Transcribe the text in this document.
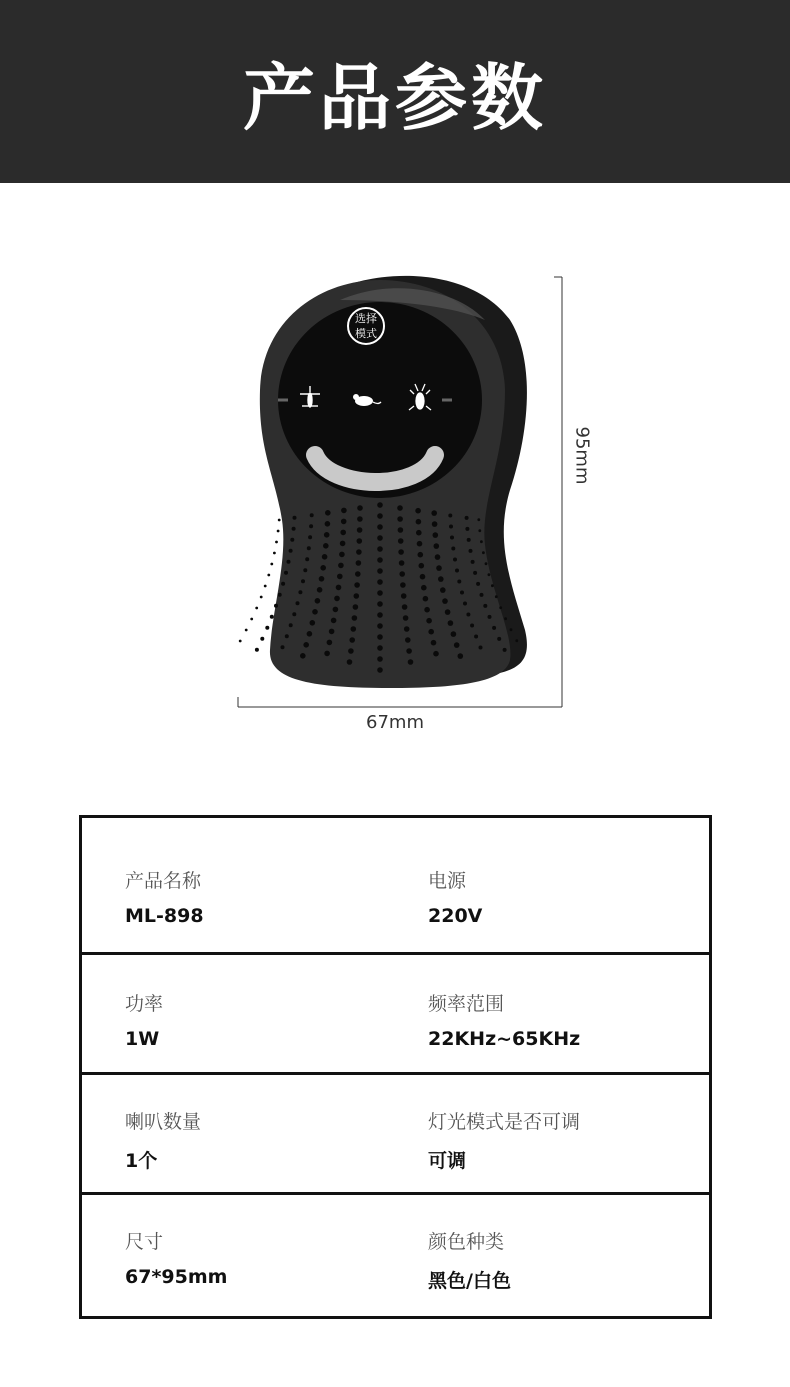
产品参数
选择
模式
67mm
95mm
产品名称
ML-898
电源
220V
功率
1W
频率范围
22KHz~65KHz
喇叭数量
1个
灯光模式是否可调
可调
尺寸
67*95mm
颜色种类
黑色/白色
